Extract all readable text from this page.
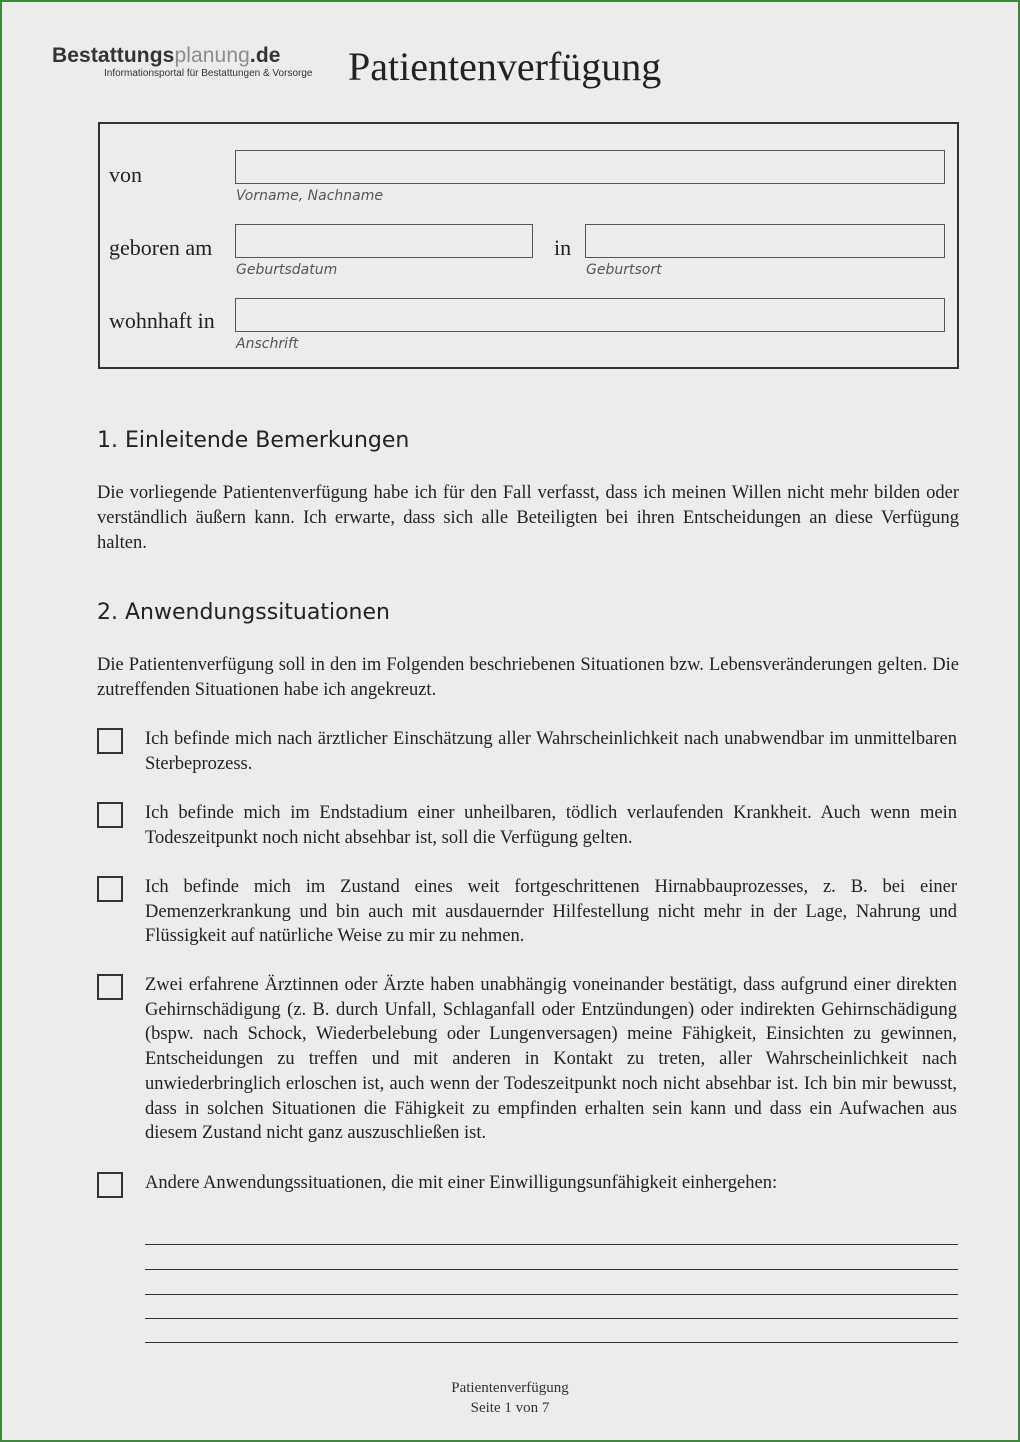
Bestattungsplanung.de
Informationsportal für Bestattungen & Vorsorge Patientenverfügung
von
Vorname, Nachname
geboren am
Geburtsdatum
in
Geburtsort
wohnhaft in
Anschrift
1. Einleitende Bemerkungen
Die vorliegende Patientenverfügung habe ich für den Fall verfasst, dass ich meinen Willen nicht mehr bilden oder verständlich äußern kann. Ich erwarte, dass sich alle Beteiligten bei ihren Entscheidungen an diese Verfügung halten.
2. Anwendungssituationen
Die Patientenverfügung soll in den im Folgenden beschriebenen Situationen bzw. Lebensveränderungen gelten. Die zutreffenden Situationen habe ich angekreuzt.
Ich befinde mich nach ärztlicher Einschätzung aller Wahrscheinlichkeit nach unabwendbar im unmittelbaren Sterbeprozess.
Ich befinde mich im Endstadium einer unheilbaren, tödlich verlaufenden Krankheit. Auch wenn mein Todeszeitpunkt noch nicht absehbar ist, soll die Verfügung gelten.
Ich befinde mich im Zustand eines weit fortgeschrittenen Hirnabbauprozesses, z. B. bei einer Demenzerkrankung und bin auch mit ausdauernder Hilfestellung nicht mehr in der Lage, Nahrung und Flüssigkeit auf natürliche Weise zu mir zu nehmen.
Zwei erfahrene Ärztinnen oder Ärzte haben unabhängig voneinander bestätigt, dass aufgrund einer direkten Gehirnschädigung (z. B. durch Unfall, Schlaganfall oder Entzündungen) oder indirekten Gehirnschädigung (bspw. nach Schock, Wiederbelebung oder Lungenversagen) meine Fähigkeit, Einsichten zu gewinnen, Entscheidungen zu treffen und mit anderen in Kontakt zu treten, aller Wahrscheinlichkeit nach unwiederbringlich erloschen ist, auch wenn der Todeszeitpunkt noch nicht absehbar ist. Ich bin mir bewusst, dass in solchen Situationen die Fähigkeit zu empfinden erhalten sein kann und dass ein Aufwachen aus diesem Zustand nicht ganz auszuschließen ist.
Andere Anwendungssituationen, die mit einer Einwilligungsunfähigkeit einhergehen:
Patientenverfügung
Seite 1 von 7
